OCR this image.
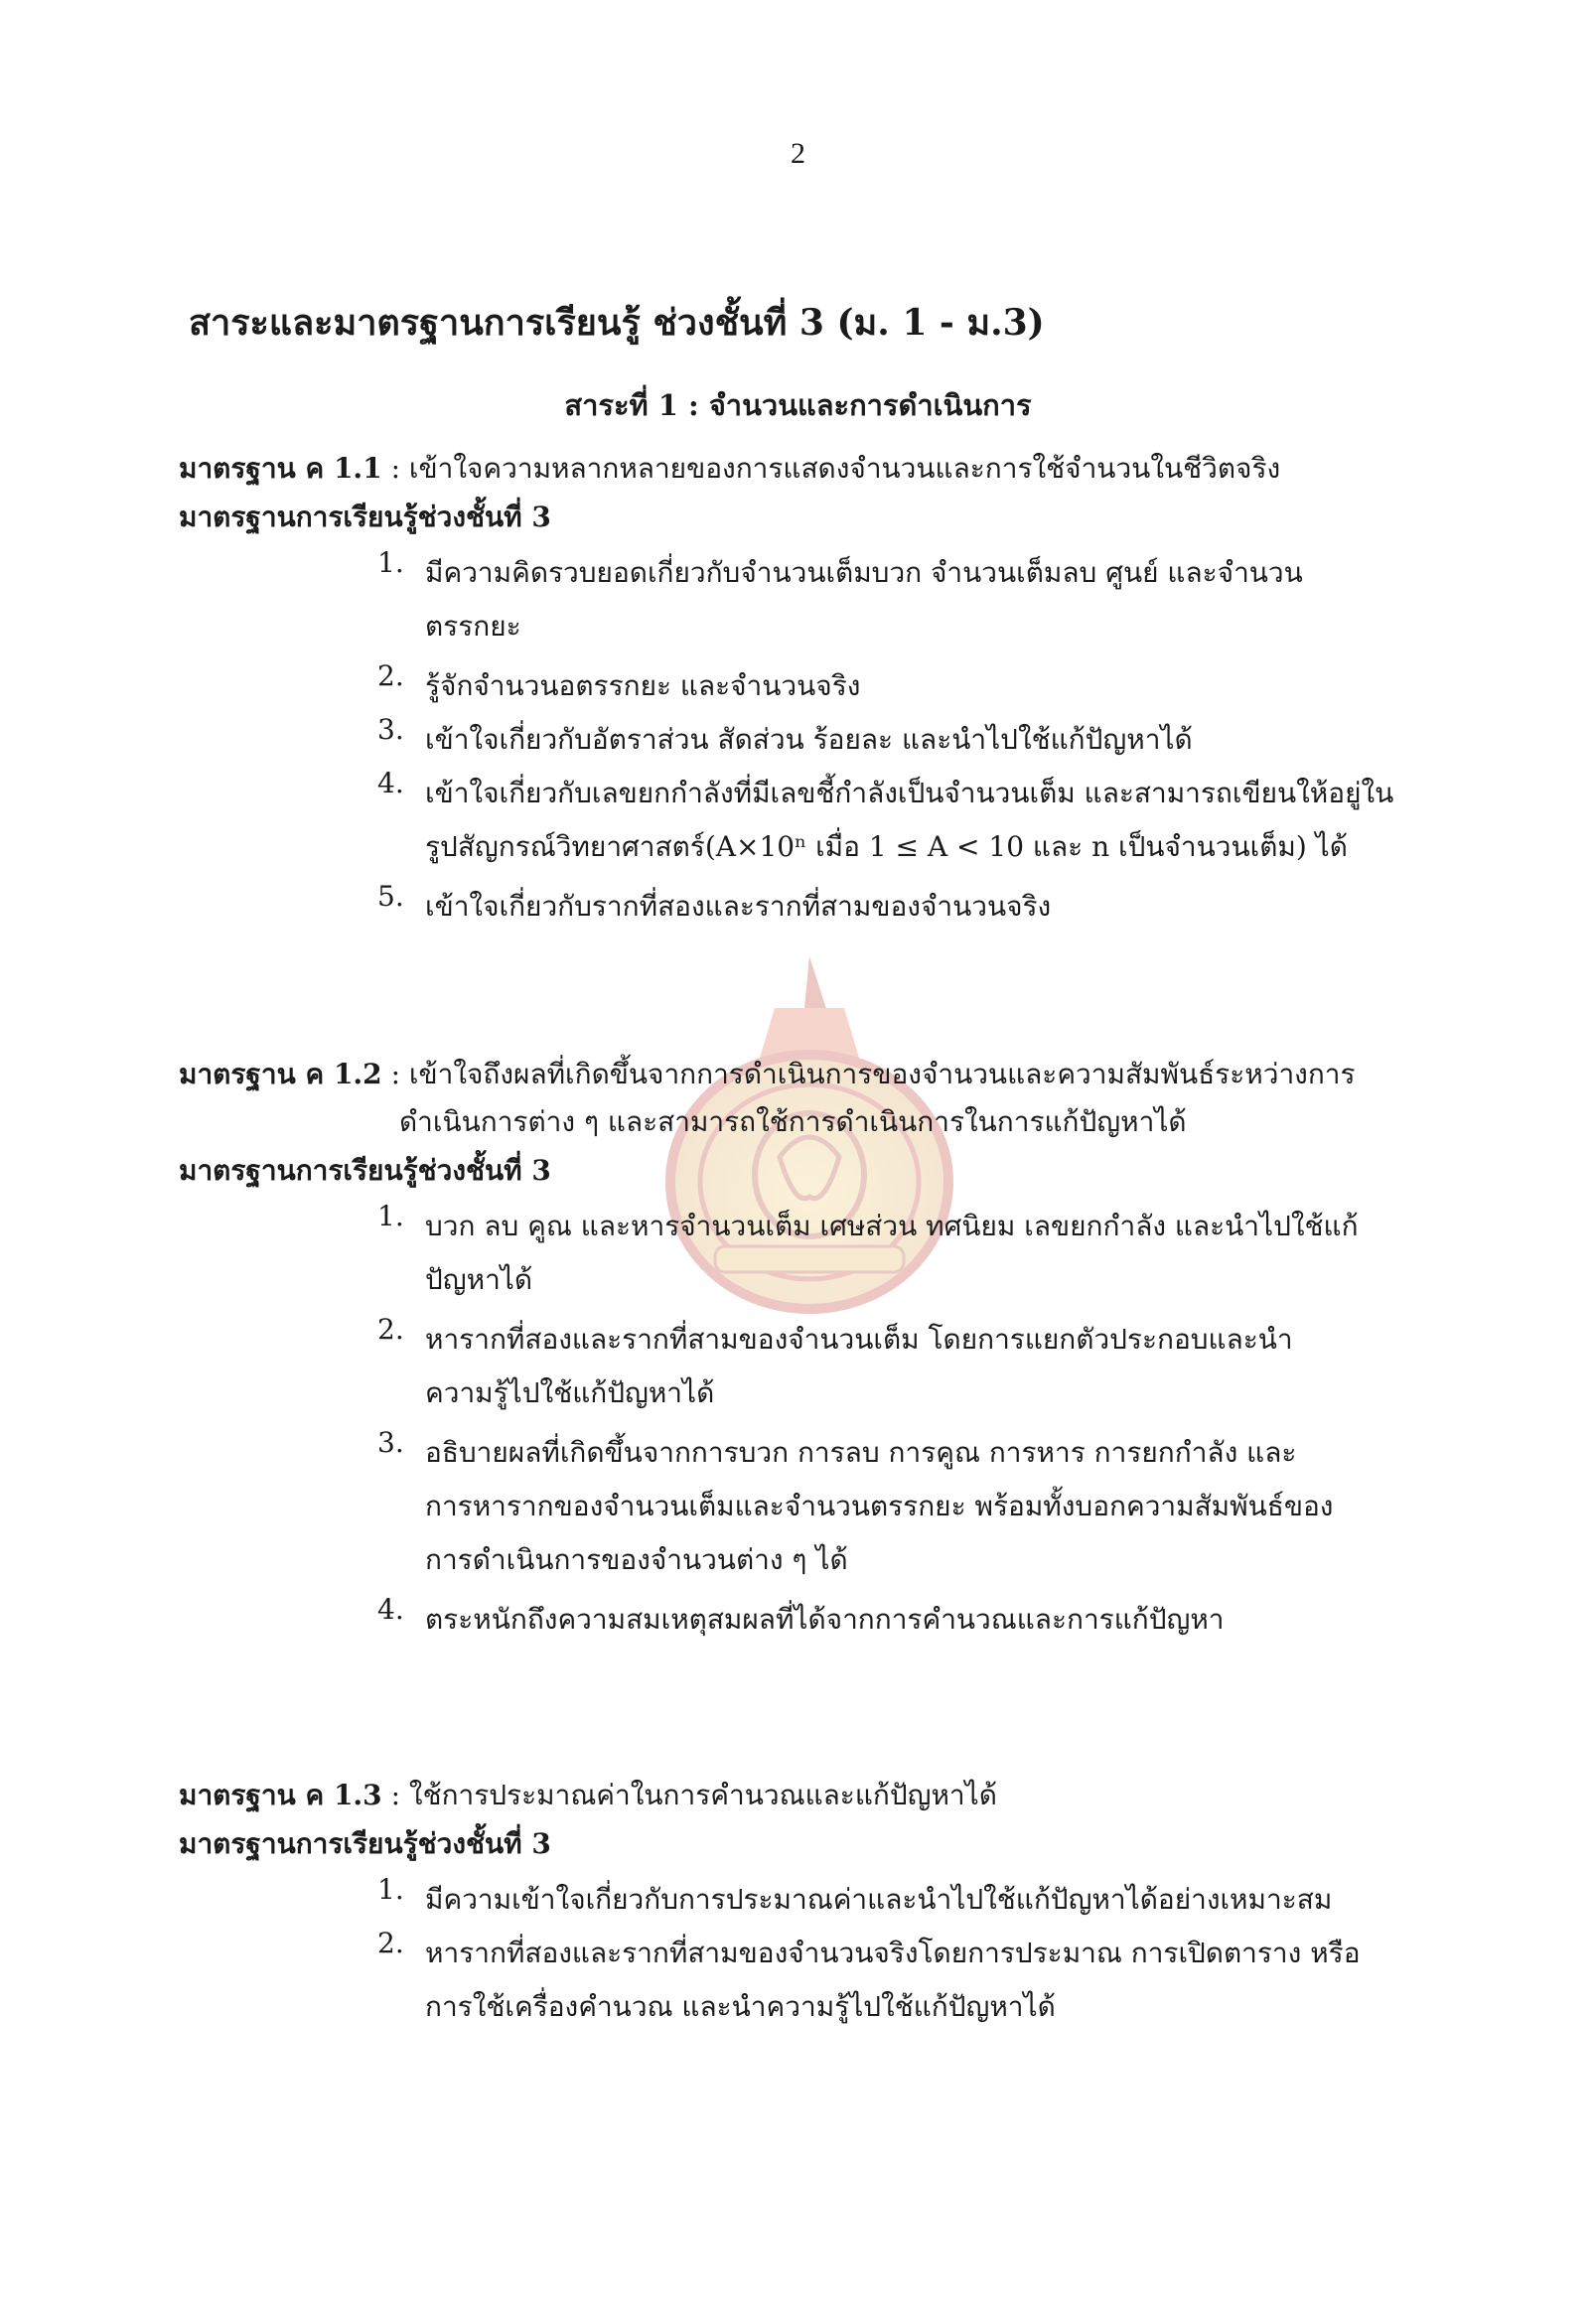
2
สาระและมาตรฐานการเรียนรู้ ช่วงชั้นที่ 3 (ม. 1 - ม.3)
สาระที่ 1 : จำนวนและการดำเนินการ
มาตรฐาน ค 1.1 : เข้าใจความหลากหลายของการแสดงจำนวนและการใช้จำนวนในชีวิตจริง
มาตรฐานการเรียนรู้ช่วงชั้นที่ 3
1. มีความคิดรวบยอดเกี่ยวกับจำนวนเต็มบวก จำนวนเต็มลบ ศูนย์ และจำนวน
ตรรกยะ
2. รู้จักจำนวนอตรรกยะ และจำนวนจริง
3. เข้าใจเกี่ยวกับอัตราส่วน สัดส่วน ร้อยละ และนำไปใช้แก้ปัญหาได้
4. เข้าใจเกี่ยวกับเลขยกกำลังที่มีเลขชี้กำลังเป็นจำนวนเต็ม และสามารถเขียนให้อยู่ใน
รูปสัญกรณ์วิทยาศาสตร์(A×10ⁿ เมื่อ 1 ≤ A < 10 และ n เป็นจำนวนเต็ม) ได้
5. เข้าใจเกี่ยวกับรากที่สองและรากที่สามของจำนวนจริง
มาตรฐาน ค 1.2 : เข้าใจถึงผลที่เกิดขึ้นจากการดำเนินการของจำนวนและความสัมพันธ์ระหว่างการ
ดำเนินการต่าง ๆ และสามารถใช้การดำเนินการในการแก้ปัญหาได้
มาตรฐานการเรียนรู้ช่วงชั้นที่ 3
1. บวก ลบ คูณ และหารจำนวนเต็ม เศษส่วน ทศนิยม เลขยกกำลัง และนำไปใช้แก้
ปัญหาได้
2. หารากที่สองและรากที่สามของจำนวนเต็ม โดยการแยกตัวประกอบและนำ
ความรู้ไปใช้แก้ปัญหาได้
3. อธิบายผลที่เกิดขึ้นจากการบวก การลบ การคูณ การหาร การยกกำลัง และ
การหารากของจำนวนเต็มและจำนวนตรรกยะ พร้อมทั้งบอกความสัมพันธ์ของ
การดำเนินการของจำนวนต่าง ๆ ได้
4. ตระหนักถึงความสมเหตุสมผลที่ได้จากการคำนวณและการแก้ปัญหา
มาตรฐาน ค 1.3 : ใช้การประมาณค่าในการคำนวณและแก้ปัญหาได้
มาตรฐานการเรียนรู้ช่วงชั้นที่ 3
1. มีความเข้าใจเกี่ยวกับการประมาณค่าและนำไปใช้แก้ปัญหาได้อย่างเหมาะสม
2. หารากที่สองและรากที่สามของจำนวนจริงโดยการประมาณ การเปิดตาราง หรือ
การใช้เครื่องคำนวณ และนำความรู้ไปใช้แก้ปัญหาได้
